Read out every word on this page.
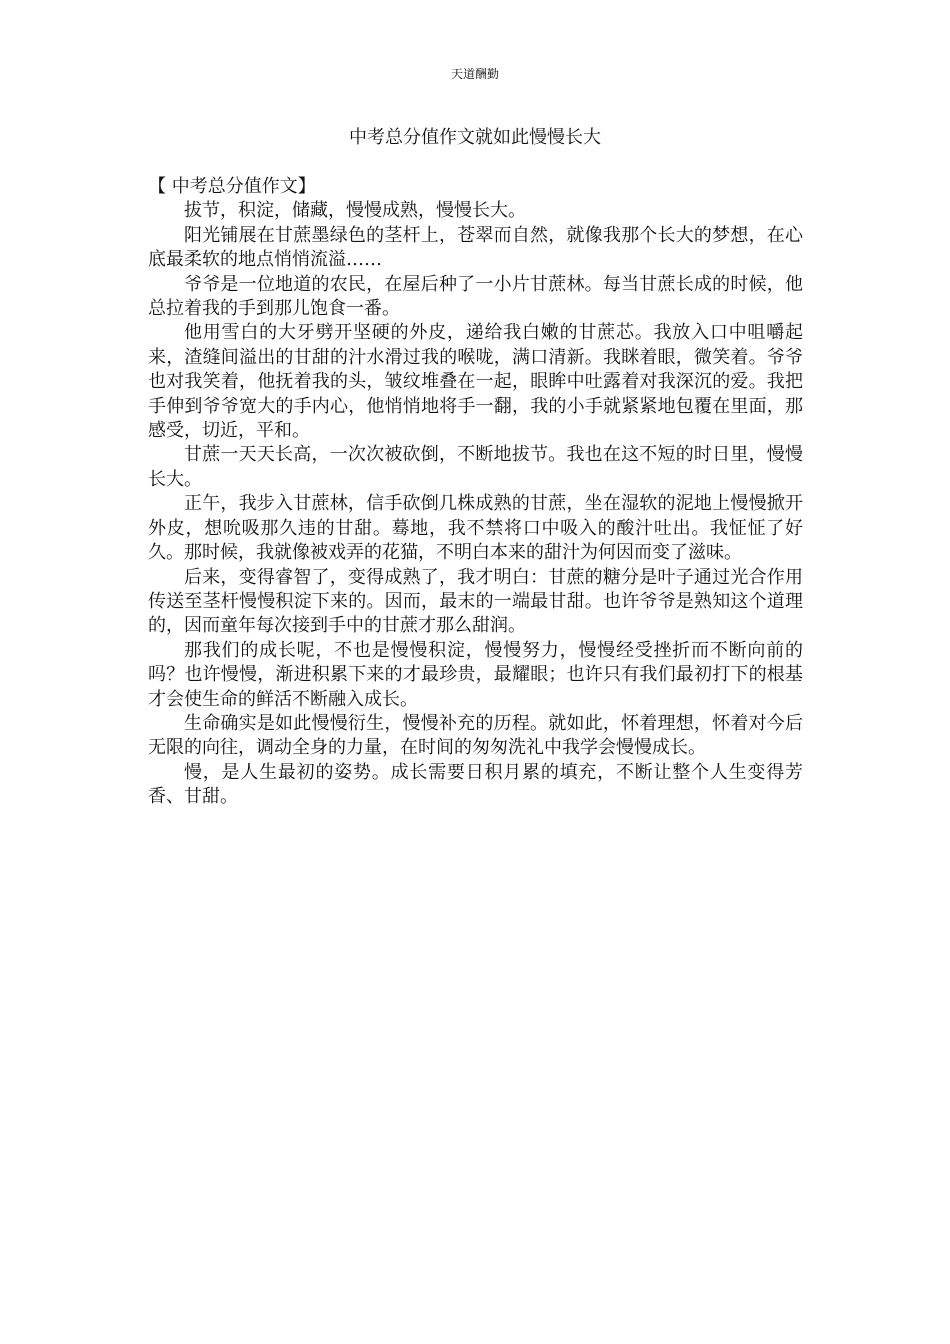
天道酬勤
中考总分值作文就如此慢慢长大

【 中考总分值作文】

拔节，积淀，储藏，慢慢成熟，慢慢长大。

阳光铺展在甘蔗墨绿色的茎杆上，苍翠而自然，就像我那个长大的梦想，在心底最柔软的地点悄悄流溢……

爷爷是一位地道的农民，在屋后种了一小片甘蔗林。每当甘蔗长成的时候，他总拉着我的手到那儿饱食一番。

他用雪白的大牙劈开坚硬的外皮，递给我白嫩的甘蔗芯。我放入口中咀嚼起来，渣缝间溢出的甘甜的汁水滑过我的喉咙，满口清新。我眯着眼，微笑着。爷爷也对我笑着，他抚着我的头，皱纹堆叠在一起，眼眸中吐露着对我深沉的爱。我把手伸到爷爷宽大的手内心，他悄悄地将手一翻，我的小手就紧紧地包覆在里面，那感受，切近，平和。

甘蔗一天天长高，一次次被砍倒，不断地拔节。我也在这不短的时日里，慢慢长大。

正午，我步入甘蔗林，信手砍倒几株成熟的甘蔗，坐在湿软的泥地上慢慢掀开外皮，想吮吸那久违的甘甜。蓦地，我不禁将口中吸入的酸汁吐出。我怔怔了好久。那时候，我就像被戏弄的花猫，不明白本来的甜汁为何因而变了滋味。

后来，变得睿智了，变得成熟了，我才明白：甘蔗的糖分是叶子通过光合作用传送至茎杆慢慢积淀下来的。因而，最末的一端最甘甜。也许爷爷是熟知这个道理的，因而童年每次接到手中的甘蔗才那么甜润。

那我们的成长呢，不也是慢慢积淀，慢慢努力，慢慢经受挫折而不断向前的吗？也许慢慢，渐进积累下来的才最珍贵，最耀眼；也许只有我们最初打下的根基才会使生命的鲜活不断融入成长。

生命确实是如此慢慢衍生，慢慢补充的历程。就如此，怀着理想，怀着对今后无限的向往，调动全身的力量，在时间的匆匆洗礼中我学会慢慢成长。

慢，是人生最初的姿势。成长需要日积月累的填充，不断让整个人生变得芳香、甘甜。
